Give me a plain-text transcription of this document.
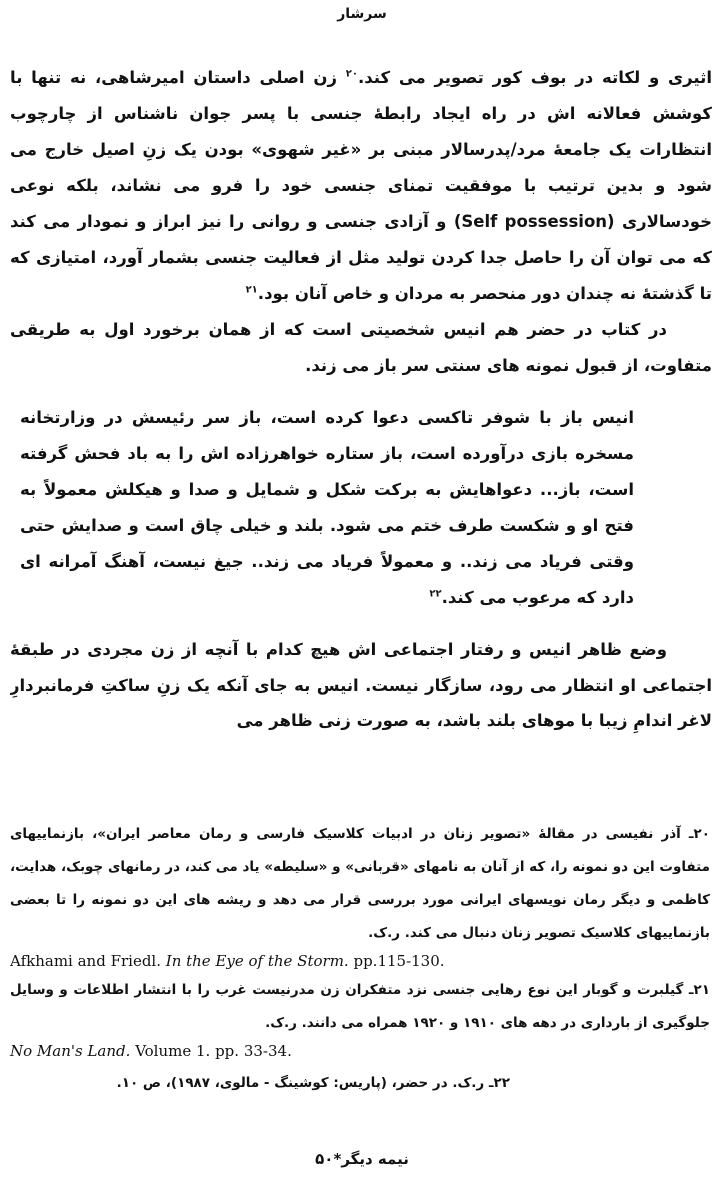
سرشار

اثیری و لکاته در بوف کور تصویر می کند.$^{۲۰}$ زن اصلی داستان امیرشاهی، نه تنها با کوشش فعالانه اش در راه ایجاد رابطهٔ جنسی با پسر جوان ناشناس از چارچوب انتظارات یک جامعهٔ مرد/پدرسالار مبنی بر «غیر شهوی» بودن یک زنِ اصیل خارج می شود و بدین ترتیب با موفقیت تمنای جنسی خود را فرو می نشاند، بلکه نوعی خودسالاری (Self possession) و آزادی جنسی و روانی را نیز ابراز و نمودار می کند که می توان آن را حاصل جدا کردن تولید مثل از فعالیت جنسی بشمار آورد، امتیازی که تا گذشتهٔ نه چندان دور منحصر به مردان و خاص آنان بود.$^{۲۱}$

در کتاب در حضر هم انیس شخصیتی است که از همان برخورد اول به طریقی متفاوت، از قبول نمونه های سنتی سر باز می زند.

انیس باز با شوفر تاکسی دعوا کرده است، باز سر رئیسش در وزارتخانه مسخره بازی درآورده است، باز ستاره خواهرزاده اش را به باد فحش گرفته است، باز... دعواهایش به برکت شکل و شمایل و صدا و هیکلش معمولاً به فتح او و شکست طرف ختم می شود. بلند و خیلی چاق است و صدایش حتی وقتی فریاد می زند.. و معمولاً فریاد می زند.. جیغ نیست، آهنگ آمرانه ای دارد که مرعوب می کند.$^{۲۲}$

وضع ظاهر انیس و رفتار اجتماعی اش هیچ کدام با آنچه از زن مجردی در طبقهٔ اجتماعی او انتظار می رود، سازگار نیست. انیس به جای آنکه یک زنِ ساکتِ فرمانبردارِ لاغر اندامِ زیبا با موهای بلند باشد، به صورت زنی ظاهر می

۲۰ـ آذر نفیسی در مقالهٔ «تصویر زنان در ادبیات کلاسیک فارسی و رمان معاصر ایران»، بازنماییهای متفاوت این دو نمونه را، که از آنان به نامهای «قربانی» و «سلیطه» یاد می کند، در رمانهای چوبک، هدایت، کاظمی و دیگر رمان نویسهای ایرانی مورد بررسی قرار می دهد و ریشه های این دو نمونه را تا بعضی بازنماییهای کلاسیک تصویر زنان دنبال می کند. ر.ک.

Afkhami and Friedl. In the Eye of the Storm. pp.115-130.

۲۱ـ گیلبرت و گوبار این نوع رهایی جنسی نزد متفکران زن مدرنیست غرب را با انتشار اطلاعات و وسایل جلوگیری از بارداری در دهه های ۱۹۱۰ و ۱۹۲۰ همراه می دانند. ر.ک.

No Man's Land. Volume 1. pp. 33-34.

۲۲ـ ر.ک. در حضر، (پاریس: کوشینگ - مالوی، ۱۹۸۷)، ص ۱۰.

نیمه دیگر*۵۰
